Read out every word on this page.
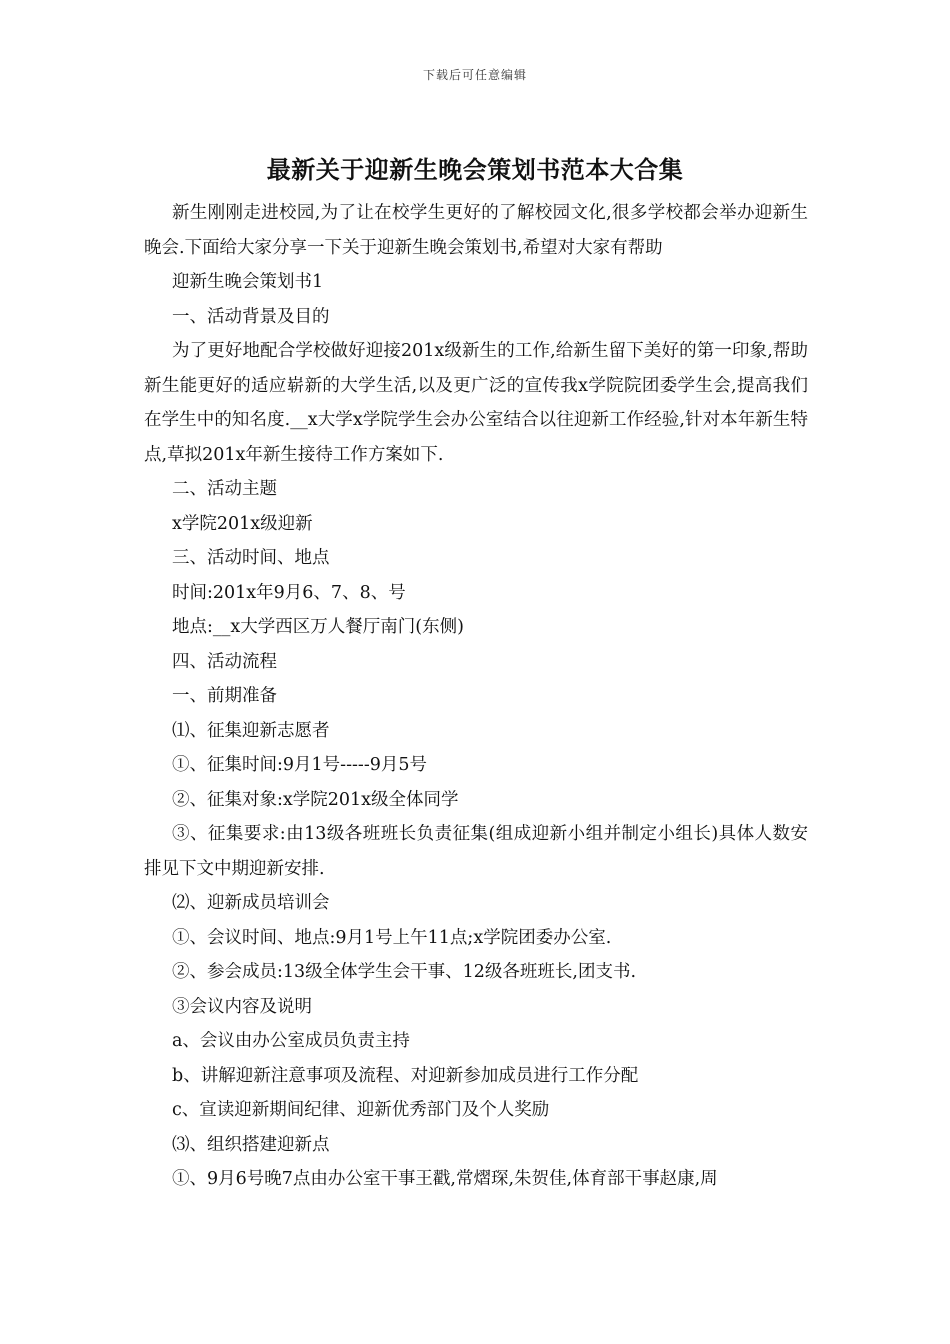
下载后可任意编辑
最新关于迎新生晚会策划书范本大合集

新生刚刚走进校园,为了让在校学生更好的了解校园文化,很多学校都会举办迎新生晚会.下面给大家分享一下关于迎新生晚会策划书,希望对大家有帮助

迎新生晚会策划书1

一、活动背景及目的

为了更好地配合学校做好迎接201x级新生的工作,给新生留下美好的第一印象,帮助新生能更好的适应崭新的大学生活,以及更广泛的宣传我x学院院团委学生会,提高我们在学生中的知名度.__x大学x学院学生会办公室结合以往迎新工作经验,针对本年新生特点,草拟201x年新生接待工作方案如下.

二、活动主题

x学院201x级迎新

三、活动时间、地点

时间:201x年9月6、7、8、号

地点:__x大学西区万人餐厅南门(东侧)

四、活动流程

一、前期准备

⑴、征集迎新志愿者

①、征集时间:9月1号-----9月5号

②、征集对象:x学院201x级全体同学

③、征集要求:由13级各班班长负责征集(组成迎新小组并制定小组长)具体人数安排见下文中期迎新安排.

⑵、迎新成员培训会

①、会议时间、地点:9月1号上午11点;x学院团委办公室.

②、参会成员:13级全体学生会干事、12级各班班长,团支书.

③会议内容及说明

a、会议由办公室成员负责主持

b、讲解迎新注意事项及流程、对迎新参加成员进行工作分配

c、宣读迎新期间纪律、迎新优秀部门及个人奖励

⑶、组织搭建迎新点

①、9月6号晚7点由办公室干事王戳,常熠琛,朱贺佳,体育部干事赵康,周
